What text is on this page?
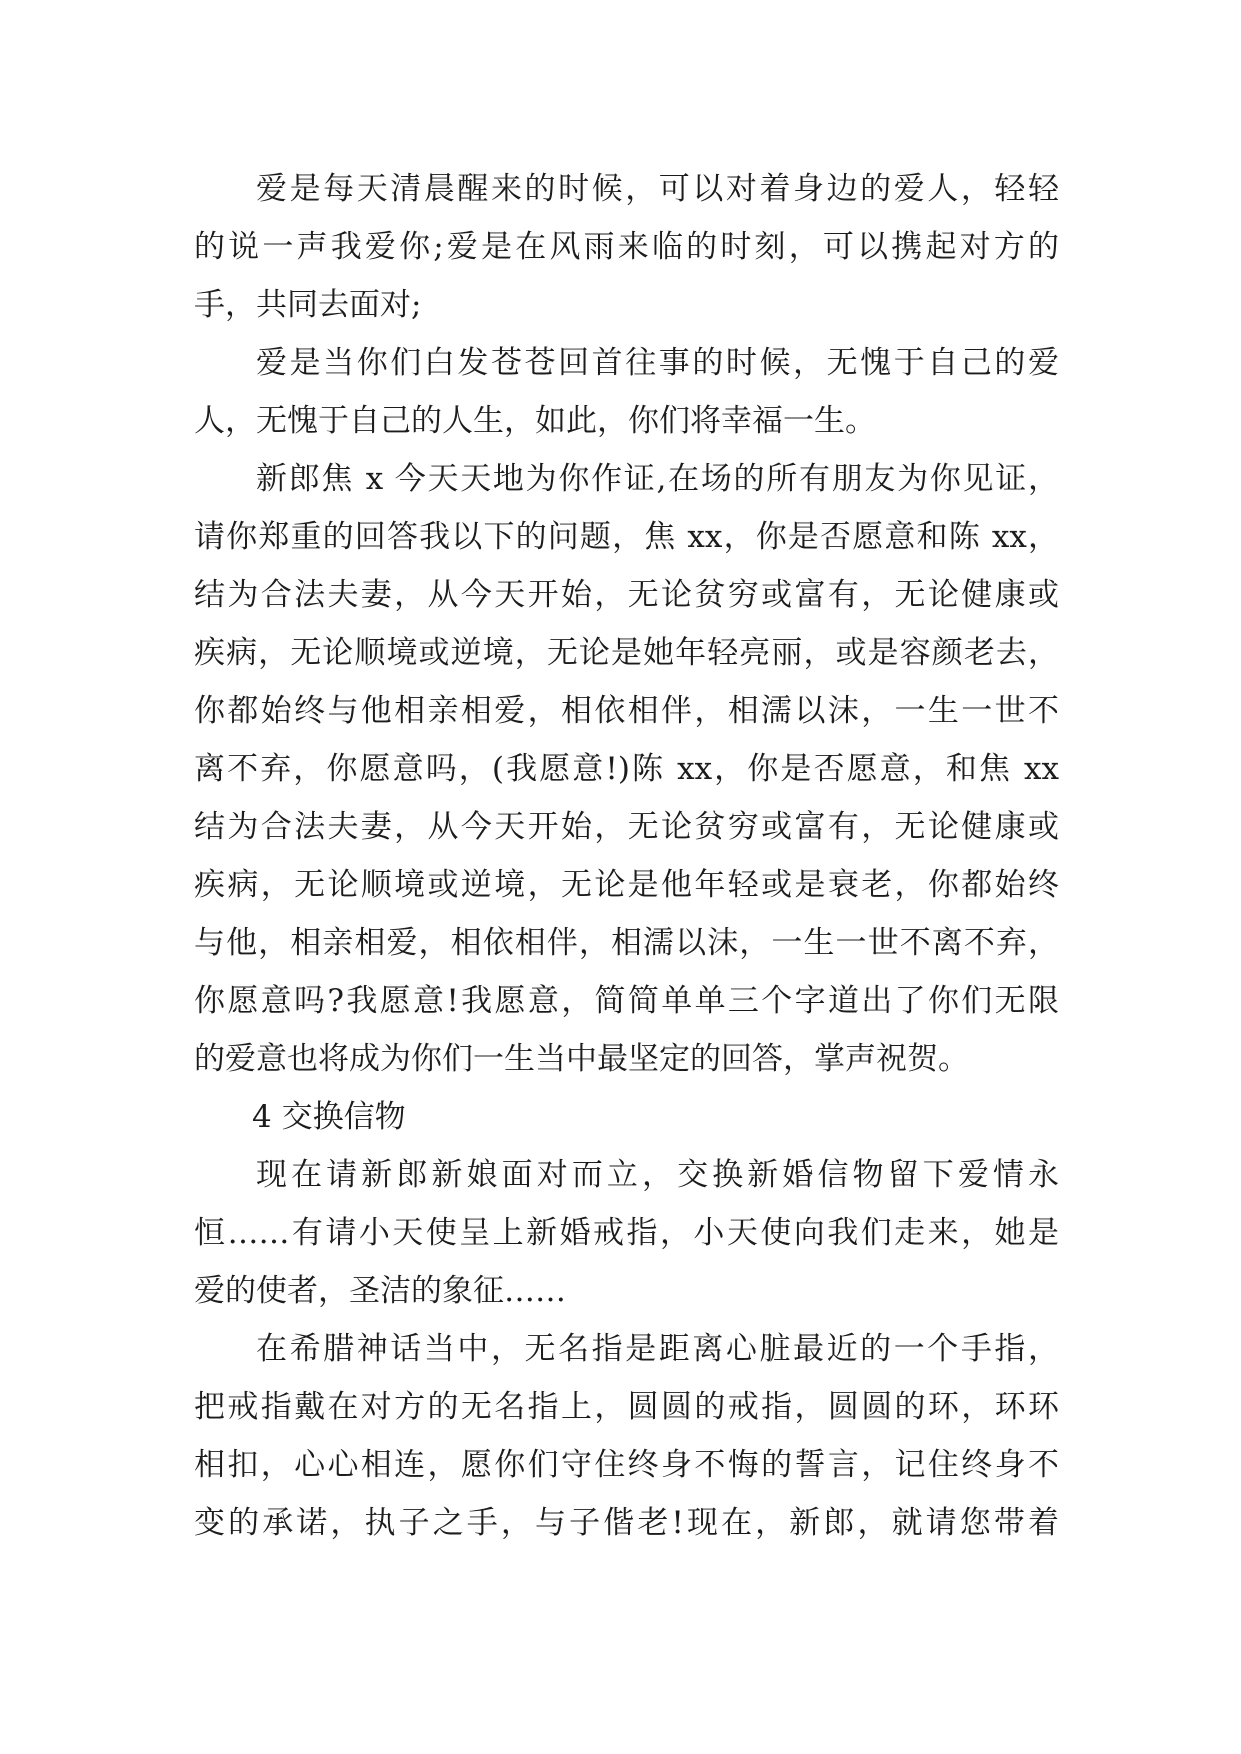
爱是每天清晨醒来的时候，可以对着身边的爱人，轻轻
的说一声我爱你;爱是在风雨来临的时刻，可以携起对方的
手，共同去面对;
爱是当你们白发苍苍回首往事的时候，无愧于自己的爱
人，无愧于自己的人生，如此，你们将幸福一生。
新郎焦 x 今天天地为你作证,在场的所有朋友为你见证，
请你郑重的回答我以下的问题，焦 xx，你是否愿意和陈 xx，
结为合法夫妻，从今天开始，无论贫穷或富有，无论健康或
疾病，无论顺境或逆境，无论是她年轻亮丽，或是容颜老去，
你都始终与他相亲相爱，相依相伴，相濡以沫，一生一世不
离不弃，你愿意吗，(我愿意!)陈 xx，你是否愿意，和焦 xx
结为合法夫妻，从今天开始，无论贫穷或富有，无论健康或
疾病，无论顺境或逆境，无论是他年轻或是衰老，你都始终
与他，相亲相爱，相依相伴，相濡以沫，一生一世不离不弃，
你愿意吗?我愿意!我愿意，简简单单三个字道出了你们无限
的爱意也将成为你们一生当中最坚定的回答，掌声祝贺。
4 交换信物
现在请新郎新娘面对而立，交换新婚信物留下爱情永
恒……有请小天使呈上新婚戒指，小天使向我们走来，她是
爱的使者，圣洁的象征……
在希腊神话当中，无名指是距离心脏最近的一个手指，
把戒指戴在对方的无名指上，圆圆的戒指，圆圆的环，环环
相扣，心心相连，愿你们守住终身不悔的誓言，记住终身不
变的承诺，执子之手，与子偕老!现在，新郎，就请您带着
